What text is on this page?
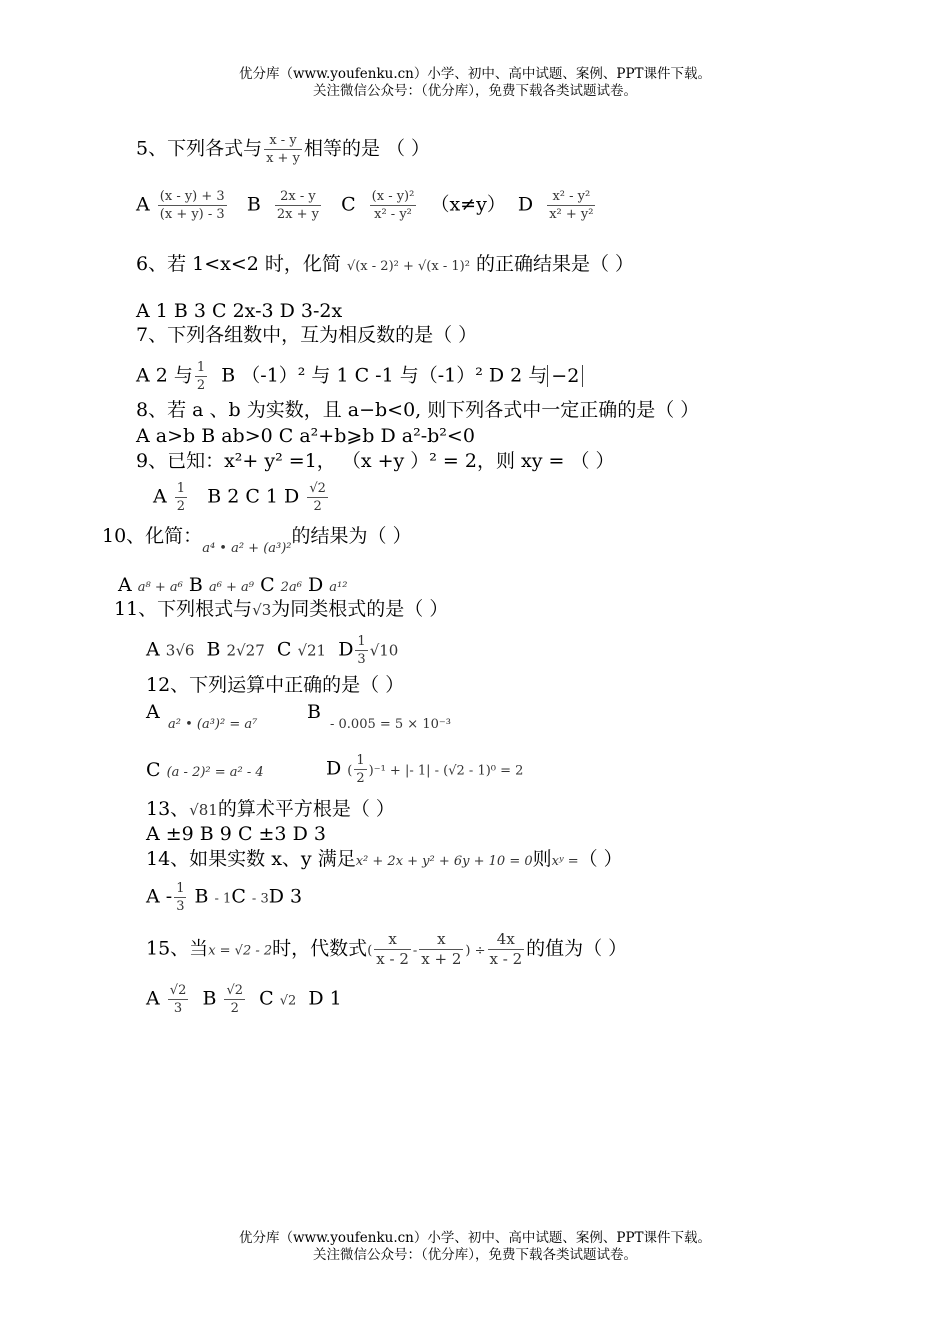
优分库（www.youfenku.cn）小学、初中、高中试题、案例、PPT课件下载。
关注微信公众号：（优分库），免费下载各类试题试卷。
5、下列各式与 $\frac{x - y}{x + y}$ 相等的是 （ ）
A $\frac{(x - y) + 3}{(x + y) - 3}$ B $\frac{2x - y}{2x + y}$ C $\frac{\text{(x - y)²}}{\text{x² - y²}} (x\ne y)$ D $\frac{\text{x² - y²}}{\text{x² + y²}}$
6、若 1<x<2 时，化简 √(x - 2)² + √(x - 1)² 的正确结果是（ ）
A 1 B 3 C 2x-3 D 3-2x
7、下列各组数中，互为相反数的是（ ）
A 2 与 $\frac{1}{2}$ B （-1）² 与 1 C -1 与（-1）² D 2 与 −2
8、若 a 、b 为实数，且 a−b<0, 则下列各式中一定正确的是（ ）
A a>b B ab>0 C a²+b⩾b D a²-b²<0
9、已知：x²+ y² =1， （x +y ）² = 2，则 xy = （ ）
A $\frac{1}{2}$ B 2 C 1 D $\frac{√2}{2}$
10、化简：$_{a^4 • a^2 + (a^3)^2}$的结果为（ ）
A a⁸ + a⁶ B a⁶ + a⁹ C 2a⁶ D a¹²
11、下列根式与√3为同类根式的是（ ）
A 3√6 B 2√27 C √21 D $\frac{1}{3} √10$
12、下列运算中正确的是（ ）
A
a² • (a³)² = a⁷
B
- 0.005 = 5 × 10⁻³
C (a - 2)² = a² - 4	D ( $\frac{1}{2} )^{-1}$ + |- 1| - (√2 - 1)⁰ = 2
13、√81的算术平方根是（ ）
A ±9 B 9 C ±3 D 3
14、如果实数 x、y 满足x² + 2x + y² + 6y + 10 = 0则xʸ =（ ）
A - $\frac{1}{3}$ B - 1C - 3D 3
15、当x = √2 - 2时，代数式( $\frac{x}{x - 2} - \frac{x}{x + 2}$ ) ÷ $\frac{4x}{x - 2}$ 的值为（ ）
A $\frac{√2}{3}$ B $\frac{√2}{2}$ C √2 D 1
优分库（www.youfenku.cn）小学、初中、高中试题、案例、PPT课件下载。
关注微信公众号：（优分库），免费下载各类试题试卷。
